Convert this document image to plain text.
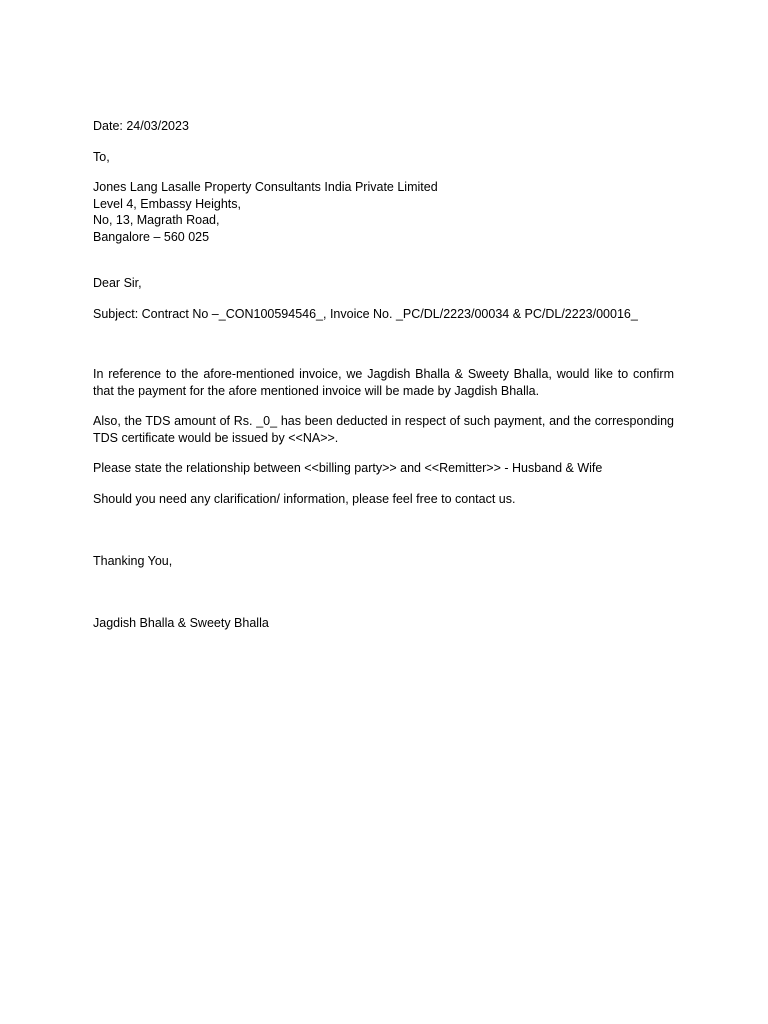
Date: 24/03/2023

To,

Jones Lang Lasalle Property Consultants India Private Limited

Level 4, Embassy Heights,

No, 13, Magrath Road,

Bangalore – 560 025

Dear Sir,

Subject: Contract No –_CON100594546_, Invoice No. _PC/DL/2223/00034 & PC/DL/2223/00016_

In reference to the afore-mentioned invoice, we Jagdish Bhalla & Sweety Bhalla, would like to confirm that the payment for the afore mentioned invoice will be made by Jagdish Bhalla.

Also, the TDS amount of Rs. _0_ has been deducted in respect of such payment, and the corresponding TDS certificate would be issued by <<NA>>.

Please state the relationship between <<billing party>> and <<Remitter>> - Husband & Wife

Should you need any clarification/ information, please feel free to contact us.

Thanking You,

Jagdish Bhalla & Sweety Bhalla
